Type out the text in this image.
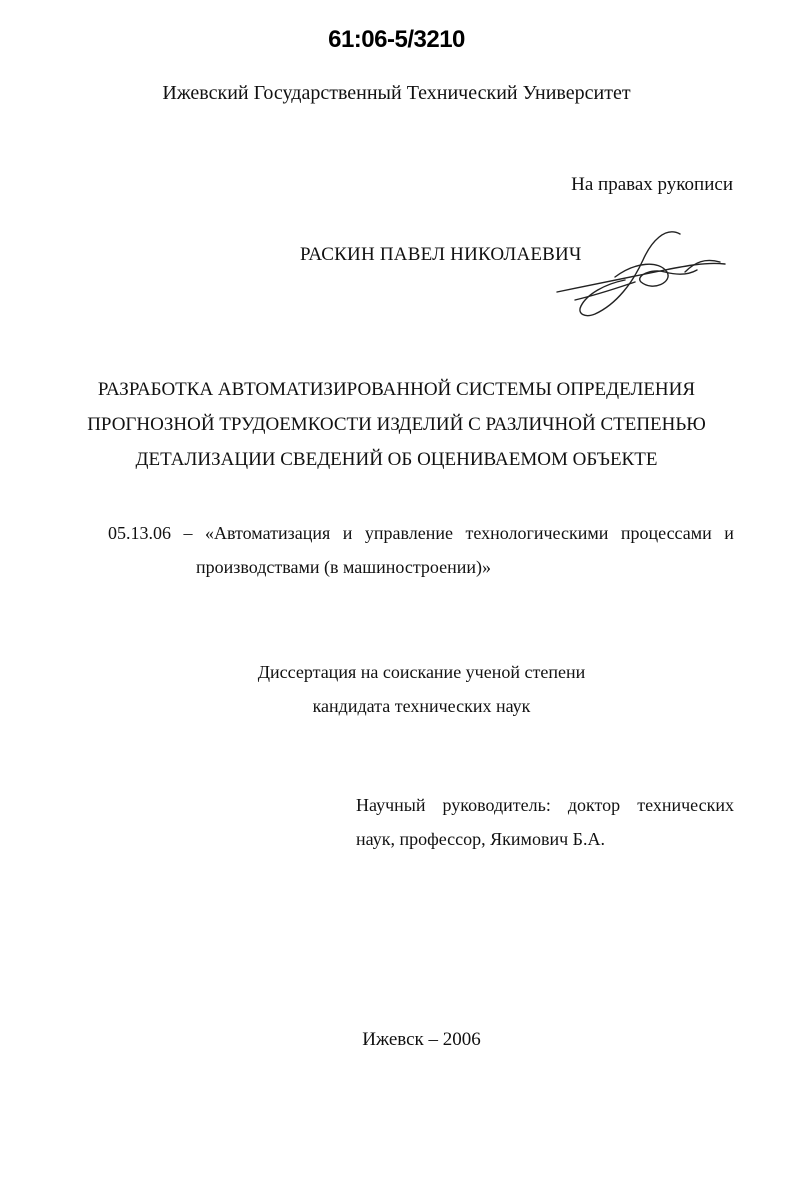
61:06-5/3210
Ижевский Государственный Технический Университет
На правах рукописи
РАСКИН ПАВЕЛ НИКОЛАЕВИЧ
РАЗРАБОТКА АВТОМАТИЗИРОВАННОЙ СИСТЕМЫ ОПРЕДЕЛЕНИЯ
ПРОГНОЗНОЙ ТРУДОЕМКОСТИ ИЗДЕЛИЙ С РАЗЛИЧНОЙ СТЕПЕНЬЮ
ДЕТАЛИЗАЦИИ СВЕДЕНИЙ ОБ ОЦЕНИВАЕМОМ ОБЪЕКТЕ
05.13.06 – «Автоматизация и управление технологическими процессами и
производствами (в машиностроении)»
Диссертация на соискание ученой степени
кандидата технических наук
Научный руководитель: доктор технических
наук, профессор, Якимович Б.А.
Ижевск – 2006
